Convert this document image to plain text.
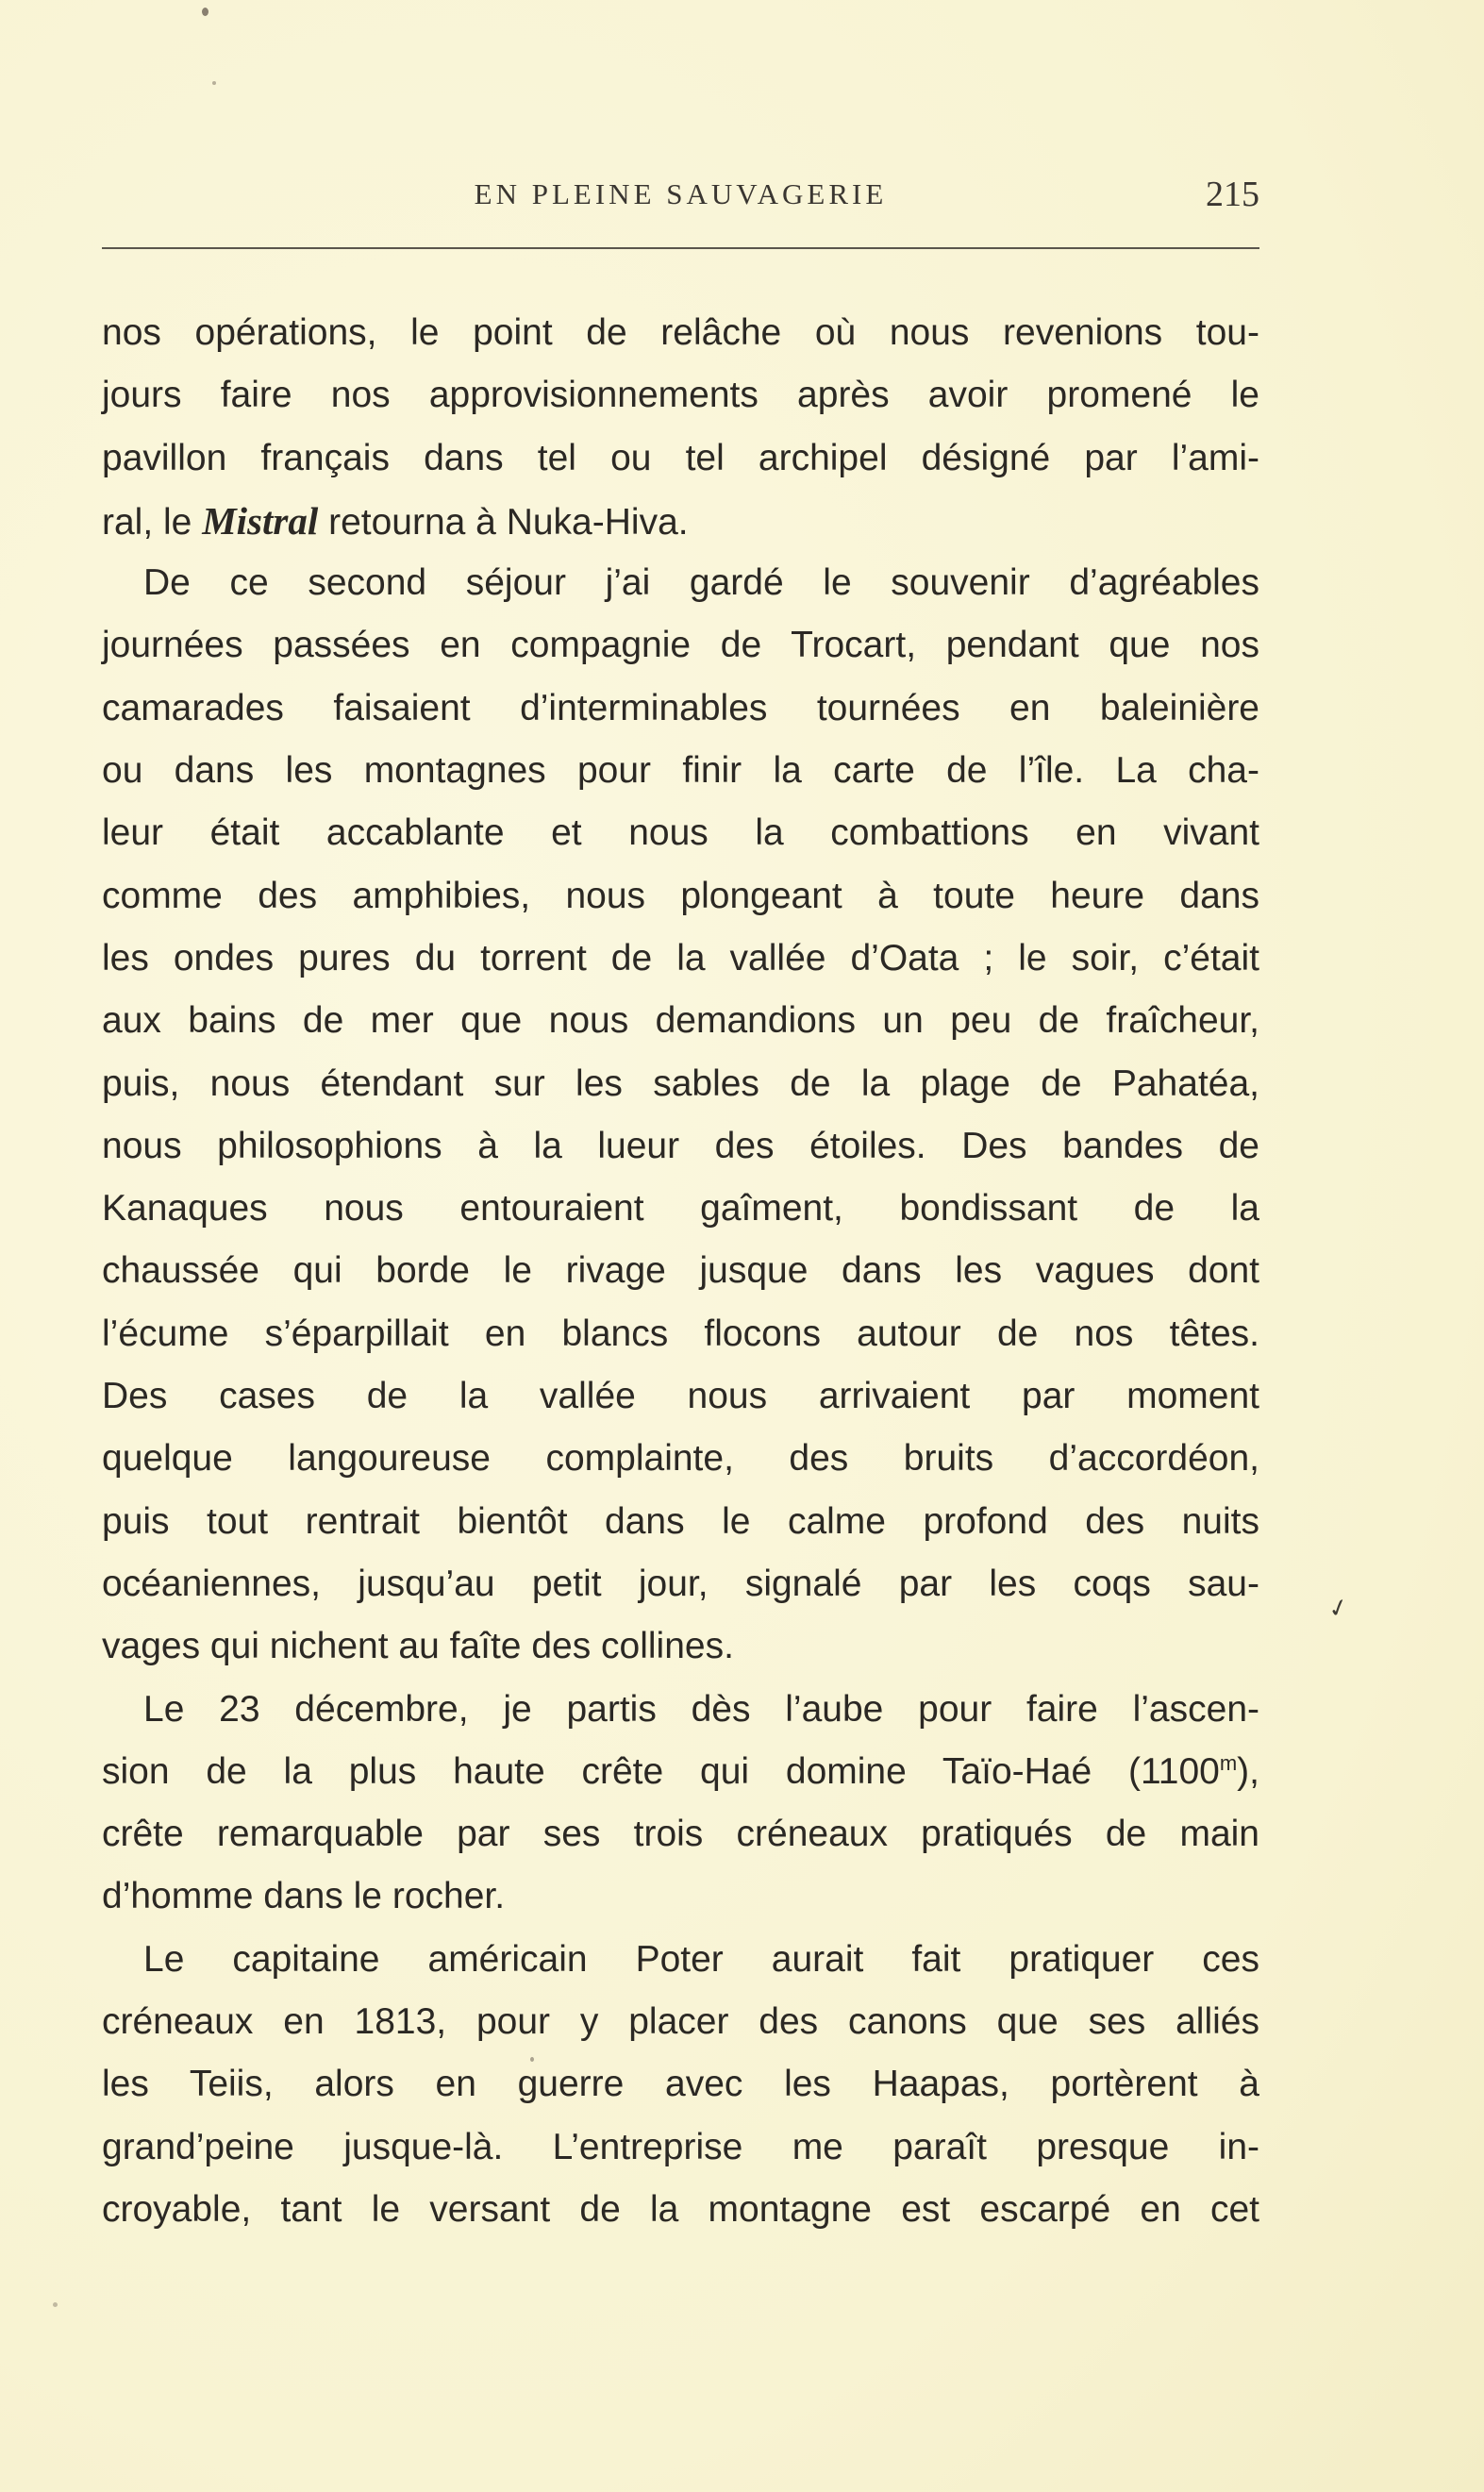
EN PLEINE SAUVAGERIE	215
nos opérations, le point de relâche où nous revenions tou-
jours faire nos approvisionnements après avoir promené le
pavillon français dans tel ou tel archipel désigné par l’ami-
ral, le Mistral retourna à Nuka-Hiva.
De ce second séjour j’ai gardé le souvenir d’agréables
journées passées en compagnie de Trocart, pendant que nos
camarades faisaient d’interminables tournées en baleinière
ou dans les montagnes pour finir la carte de l’île. La cha-
leur était accablante et nous la combattions en vivant
comme des amphibies, nous plongeant à toute heure dans
les ondes pures du torrent de la vallée d’Oata ; le soir, c’était
aux bains de mer que nous demandions un peu de fraîcheur,
puis, nous étendant sur les sables de la plage de Pahatéa,
nous philosophions à la lueur des étoiles. Des bandes de
Kanaques nous entouraient gaîment, bondissant de la
chaussée qui borde le rivage jusque dans les vagues dont
l’écume s’éparpillait en blancs flocons autour de nos têtes.
Des cases de la vallée nous arrivaient par moment
quelque langoureuse complainte, des bruits d’accordéon,
puis tout rentrait bientôt dans le calme profond des nuits
océaniennes, jusqu’au petit jour, signalé par les coqs sau-
vages qui nichent au faîte des collines.
Le 23 décembre, je partis dès l’aube pour faire l’ascen-
sion de la plus haute crête qui domine Taïo-Haé (1100$^m$),
crête remarquable par ses trois créneaux pratiqués de main
d’homme dans le rocher.
Le capitaine américain Poter aurait fait pratiquer ces
créneaux en 1813, pour y placer des canons que ses alliés
les Teiis, alors en guerre avec les Haapas, portèrent à
grand’peine jusque-là. L’entreprise me paraît presque in-
croyable, tant le versant de la montagne est escarpé en cet
✓
